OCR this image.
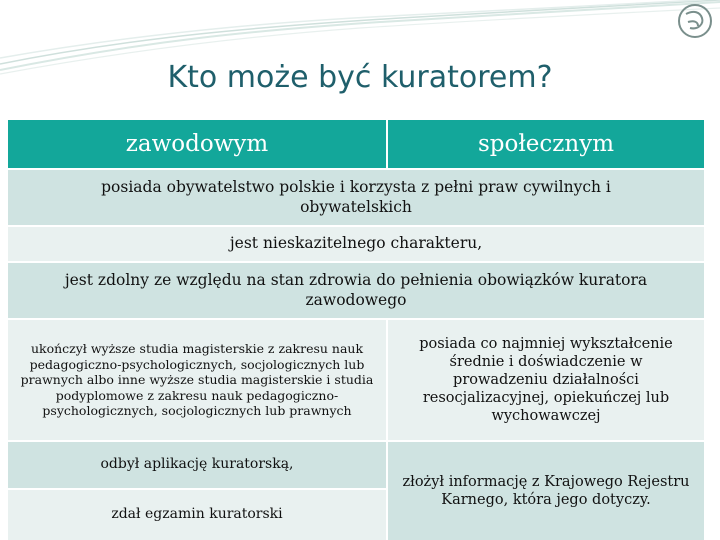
Kto może być kuratorem?
zawodowym	społecznym
posiada obywatelstwo polskie i korzysta z pełni praw cywilnych i obywatelskich
jest nieskazitelnego charakteru,
jest zdolny ze względu na stan zdrowia do pełnienia obowiązków kuratora zawodowego
ukończył wyższe studia magisterskie z zakresu nauk pedagogiczno-psychologicznych, socjologicznych lub prawnych albo inne wyższe studia magisterskie i studia podyplomowe z zakresu nauk pedagogiczno-psychologicznych, socjologicznych lub prawnych
posiada co najmniej wykształcenie średnie i doświadczenie w prowadzeniu działalności resocjalizacyjnej, opiekuńczej lub wychowawczej
odbył aplikację kuratorską,
zdał egzamin kuratorski
złożył informację z Krajowego Rejestru Karnego, która jego dotyczy.
